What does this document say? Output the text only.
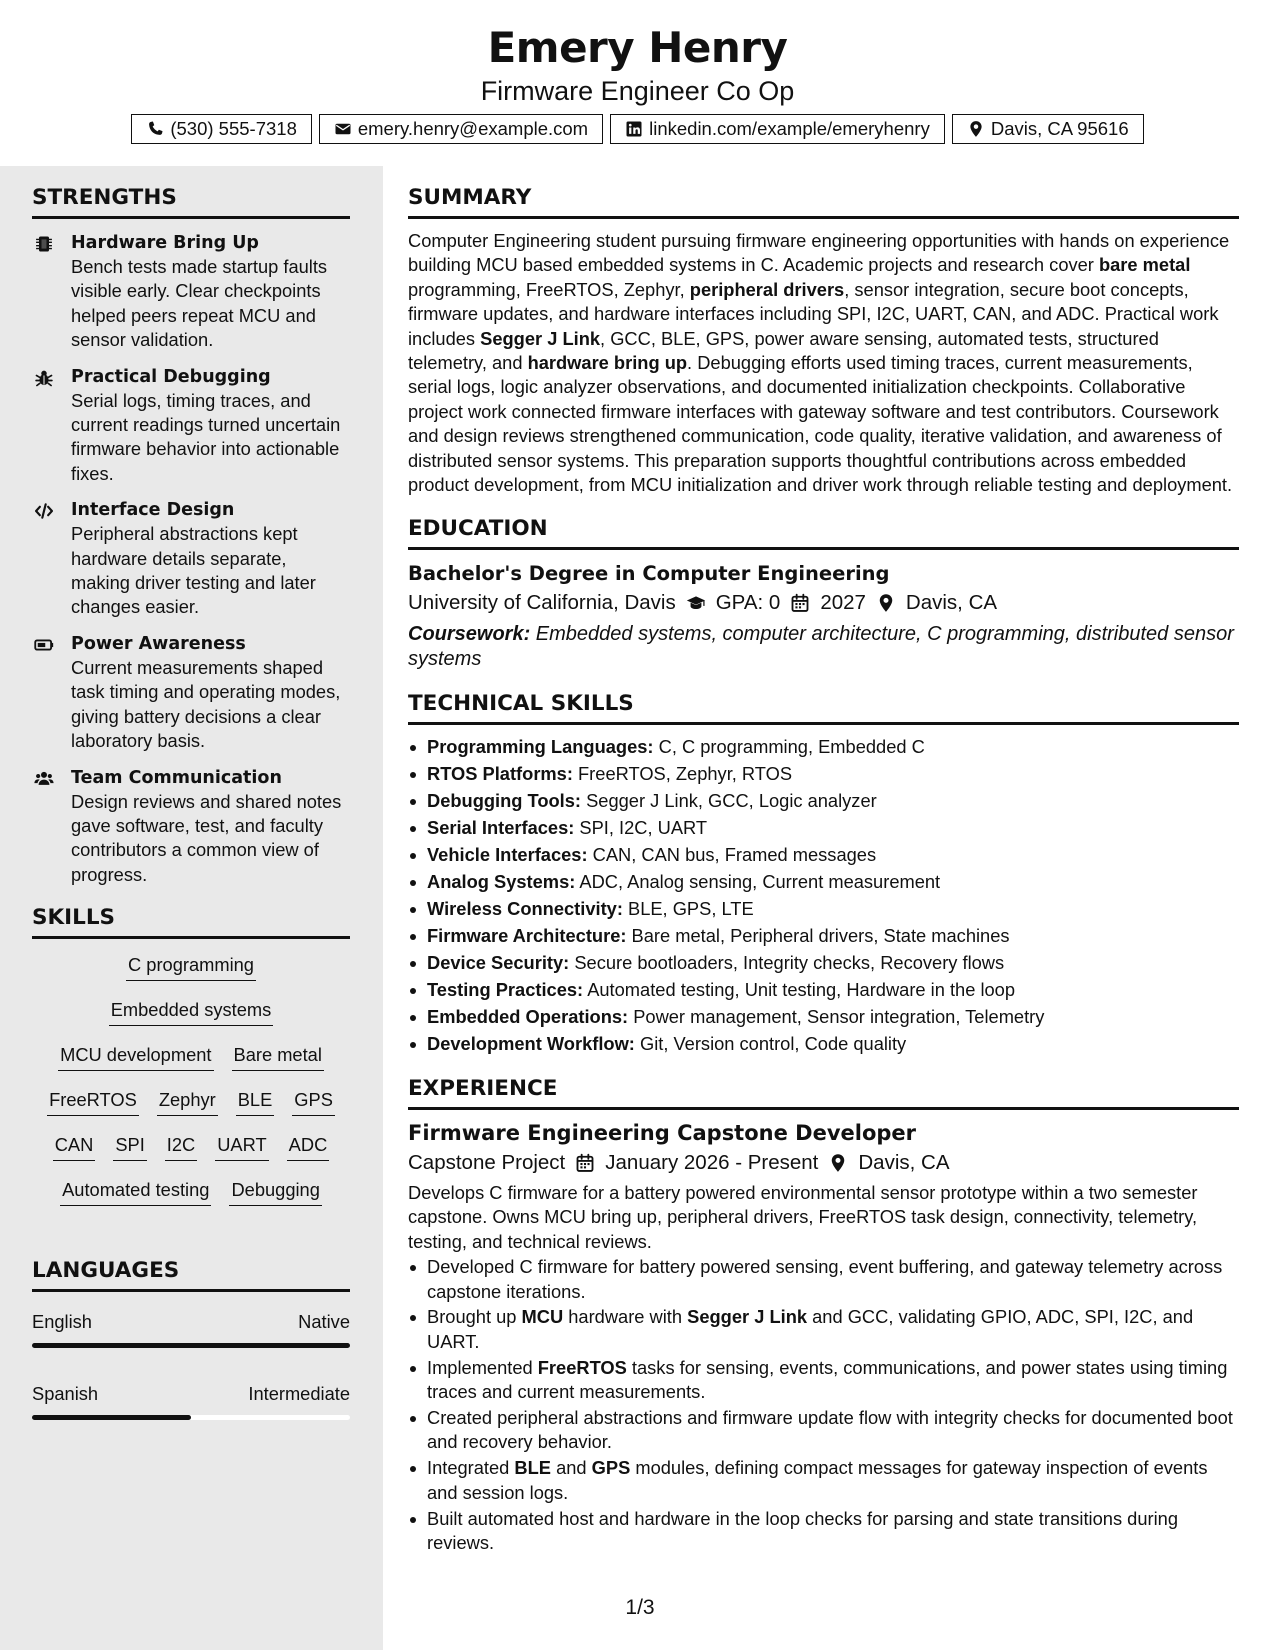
Emery Henry
Firmware Engineer Co Op
(530) 555-7318	emery.henry@example.com	linkedin.com/example/emeryhenry	Davis, CA 95616
STRENGTHS
Hardware Bring Up
Bench tests made startup faults visible early. Clear checkpoints helped peers repeat MCU and sensor validation.
Practical Debugging
Serial logs, timing traces, and current readings turned uncertain firmware behavior into actionable fixes.
Interface Design
Peripheral abstractions kept hardware details separate, making driver testing and later changes easier.
Power Awareness
Current measurements shaped task timing and operating modes, giving battery decisions a clear laboratory basis.
Team Communication
Design reviews and shared notes gave software, test, and faculty contributors a common view of progress.
SKILLS
C programming
Embedded systems
MCU development Bare metal
FreeRTOS Zephyr BLE GPS
CAN SPI I2C UART ADC
Automated testing Debugging
LANGUAGES
English	Native
Spanish	Intermediate
SUMMARY
Computer Engineering student pursuing firmware engineering opportunities with hands on experience building MCU based embedded systems in C. Academic projects and research cover bare metal programming, FreeRTOS, Zephyr, peripheral drivers, sensor integration, secure boot concepts, firmware updates, and hardware interfaces including SPI, I2C, UART, CAN, and ADC. Practical work includes Segger J Link, GCC, BLE, GPS, power aware sensing, automated tests, structured telemetry, and hardware bring up. Debugging efforts used timing traces, current measurements, serial logs, logic analyzer observations, and documented initialization checkpoints. Collaborative project work connected firmware interfaces with gateway software and test contributors. Coursework and design reviews strengthened communication, code quality, iterative validation, and awareness of distributed sensor systems. This preparation supports thoughtful contributions across embedded product development, from MCU initialization and driver work through reliable testing and deployment.
EDUCATION
Bachelor's Degree in Computer Engineering
University of California, Davis GPA: 0 2027 Davis, CA
Coursework: Embedded systems, computer architecture, C programming, distributed sensor systems
TECHNICAL SKILLS
Programming Languages: C, C programming, Embedded C
RTOS Platforms: FreeRTOS, Zephyr, RTOS
Debugging Tools: Segger J Link, GCC, Logic analyzer
Serial Interfaces: SPI, I2C, UART
Vehicle Interfaces: CAN, CAN bus, Framed messages
Analog Systems: ADC, Analog sensing, Current measurement
Wireless Connectivity: BLE, GPS, LTE
Firmware Architecture: Bare metal, Peripheral drivers, State machines
Device Security: Secure bootloaders, Integrity checks, Recovery flows
Testing Practices: Automated testing, Unit testing, Hardware in the loop
Embedded Operations: Power management, Sensor integration, Telemetry
Development Workflow: Git, Version control, Code quality
EXPERIENCE
Firmware Engineering Capstone Developer
Capstone Project January 2026 - Present Davis, CA
Develops C firmware for a battery powered environmental sensor prototype within a two semester capstone. Owns MCU bring up, peripheral drivers, FreeRTOS task design, connectivity, telemetry, testing, and technical reviews.
Developed C firmware for battery powered sensing, event buffering, and gateway telemetry across capstone iterations.
Brought up MCU hardware with Segger J Link and GCC, validating GPIO, ADC, SPI, I2C, and UART.
Implemented FreeRTOS tasks for sensing, events, communications, and power states using timing traces and current measurements.
Created peripheral abstractions and firmware update flow with integrity checks for documented boot and recovery behavior.
Integrated BLE and GPS modules, defining compact messages for gateway inspection of events and session logs.
Built automated host and hardware in the loop checks for parsing and state transitions during reviews.
1/3
